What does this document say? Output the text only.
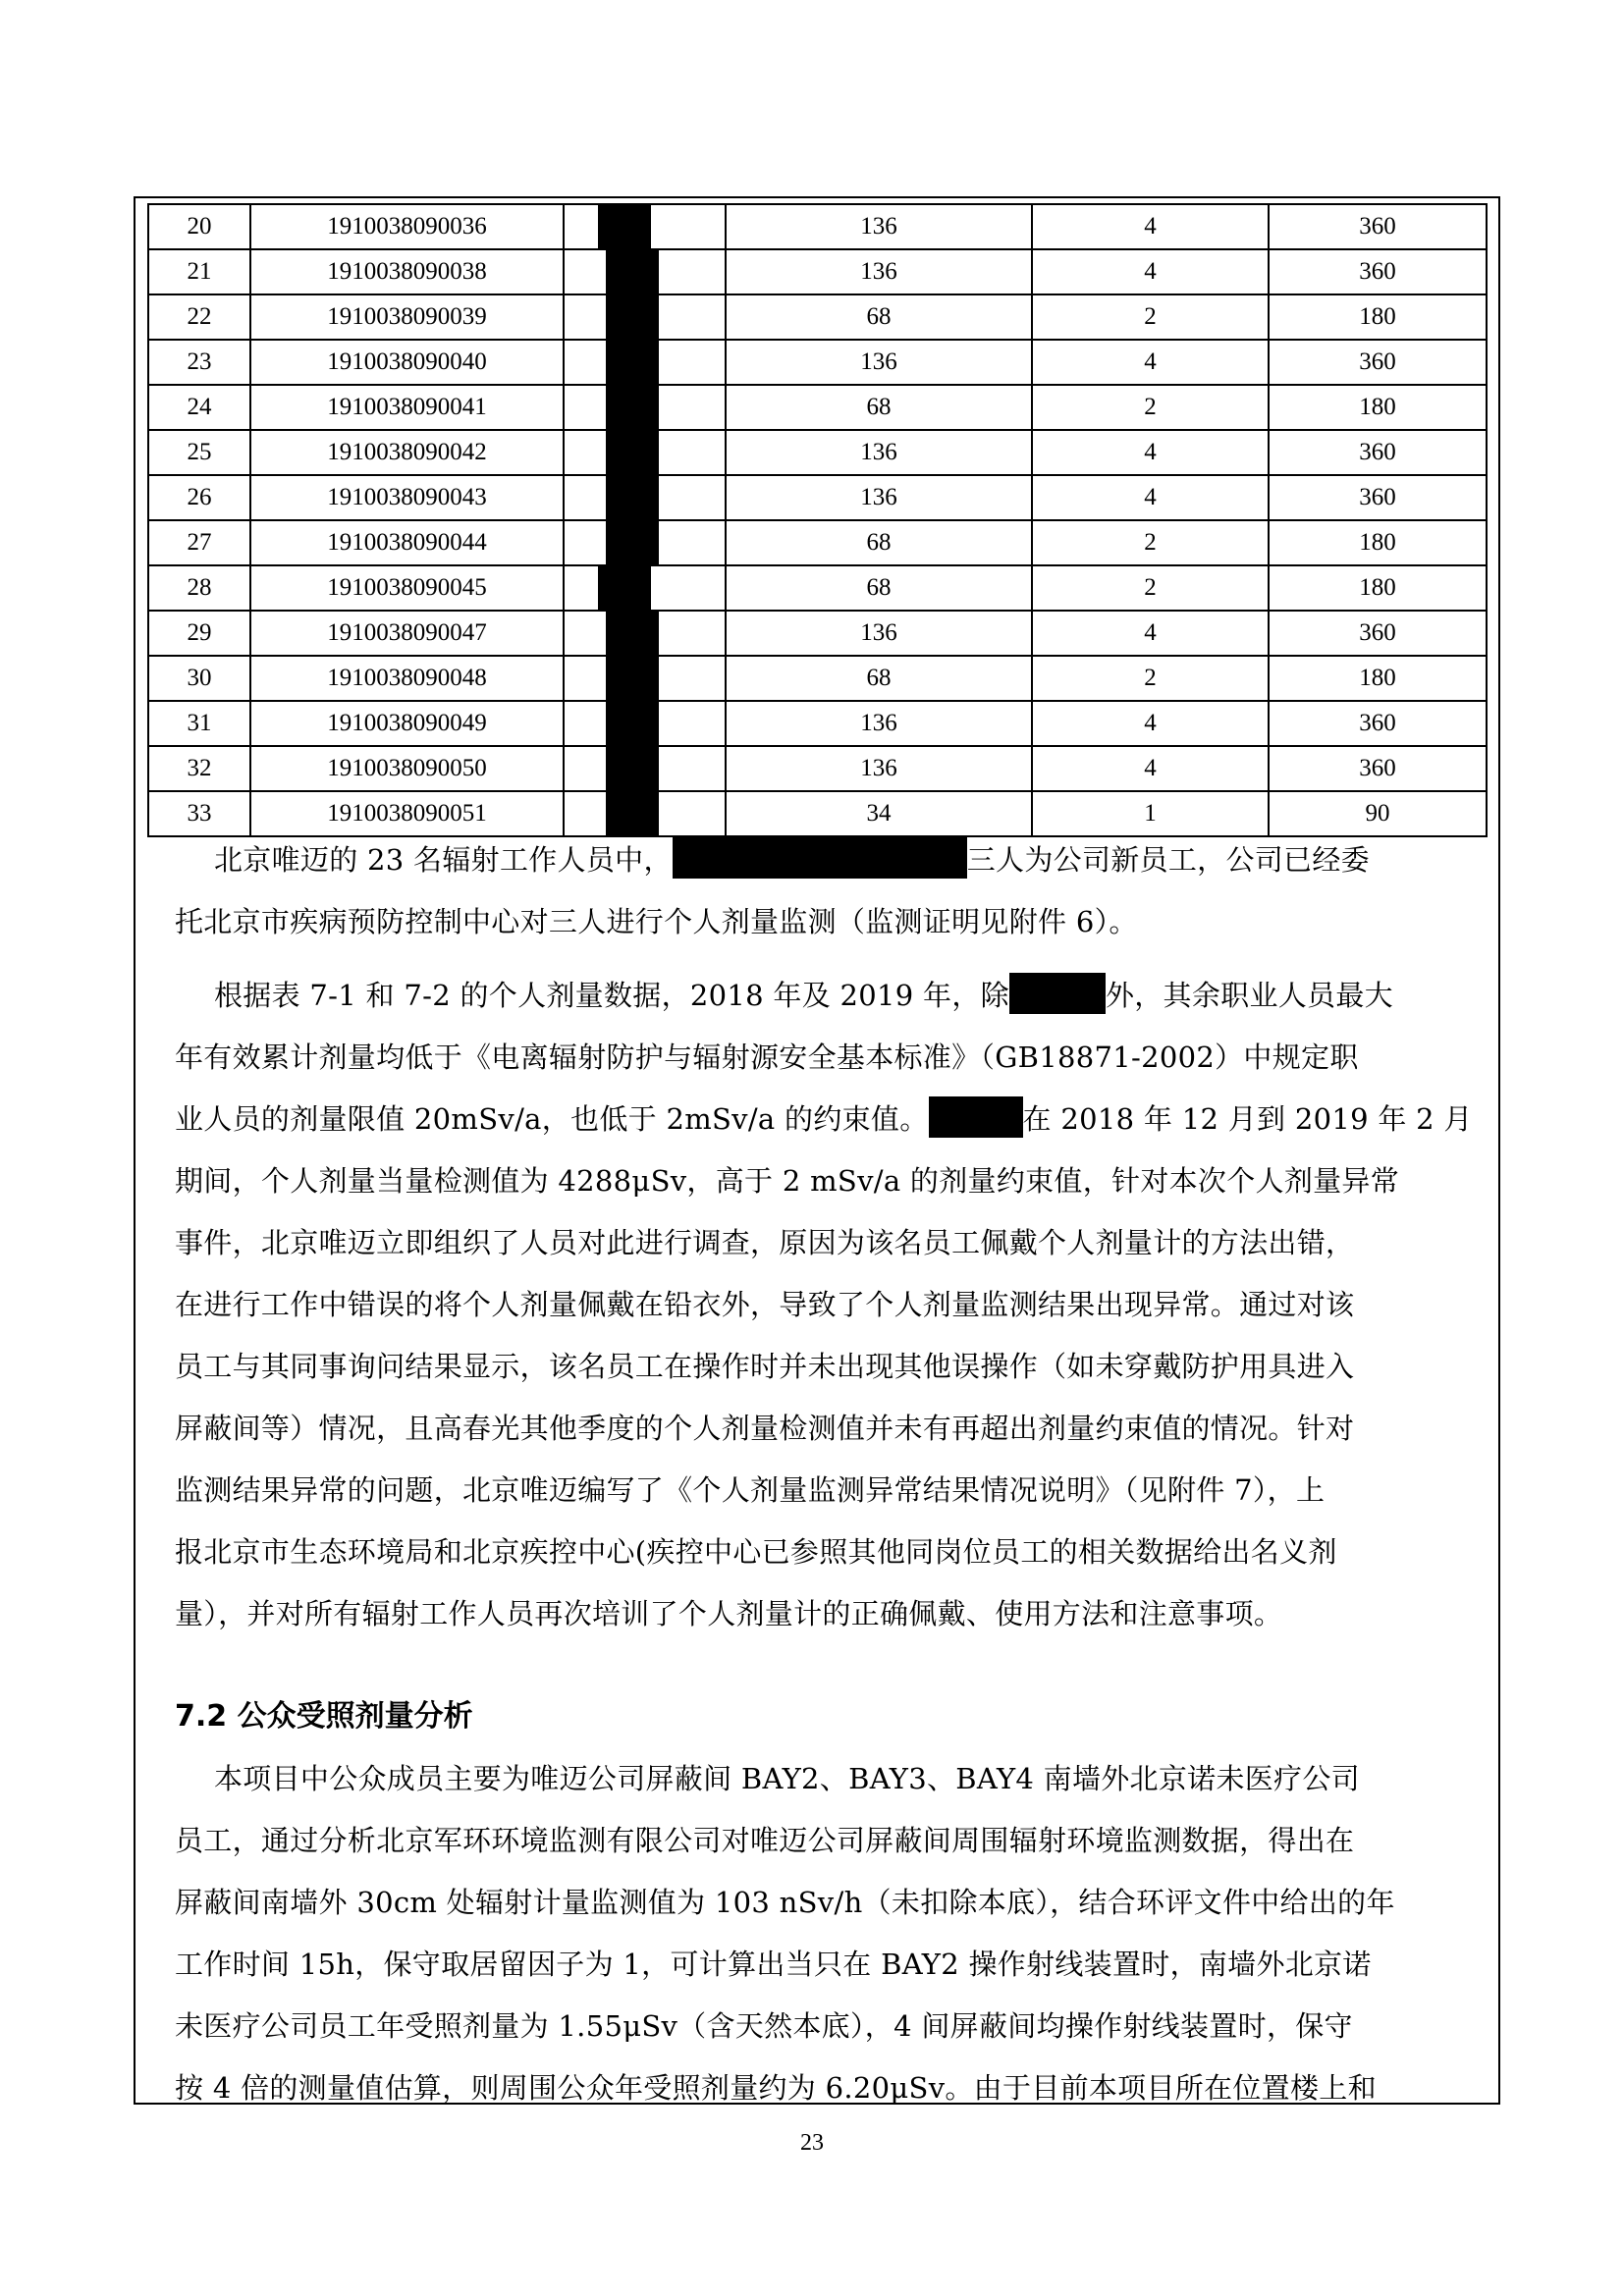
20	1910038090036		136	4	360
21	1910038090038		136	4	360
22	1910038090039		68	2	180
23	1910038090040		136	4	360
24	1910038090041		68	2	180
25	1910038090042		136	4	360
26	1910038090043		136	4	360
27	1910038090044		68	2	180
28	1910038090045		68	2	180
29	1910038090047		136	4	360
30	1910038090048		68	2	180
31	1910038090049		136	4	360
32	1910038090050		136	4	360
33	1910038090051		34	1	90
北京唯迈的 23 名辐射工作人员中，	三人为公司新员工，公司已经委
托北京市疾病预防控制中心对三人进行个人剂量监测（监测证明见附件 6）。
根据表 7-1 和 7-2 的个人剂量数据，2018 年及 2019 年，除	外，其余职业人员最大
年有效累计剂量均低于《电离辐射防护与辐射源安全基本标准》（GB18871-2002）中规定职
业人员的剂量限值 20mSv/a，也低于 2mSv/a 的约束值。	在 2018 年 12 月到 2019 年 2 月
期间，个人剂量当量检测值为 4288μSv，高于 2 mSv/a 的剂量约束值，针对本次个人剂量异常
事件，北京唯迈立即组织了人员对此进行调查，原因为该名员工佩戴个人剂量计的方法出错，
在进行工作中错误的将个人剂量佩戴在铅衣外，导致了个人剂量监测结果出现异常。通过对该
员工与其同事询问结果显示，该名员工在操作时并未出现其他误操作（如未穿戴防护用具进入
屏蔽间等）情况，且高春光其他季度的个人剂量检测值并未有再超出剂量约束值的情况。针对
监测结果异常的问题，北京唯迈编写了《个人剂量监测异常结果情况说明》（见附件 7），上
报北京市生态环境局和北京疾控中心(疾控中心已参照其他同岗位员工的相关数据给出名义剂
量），并对所有辐射工作人员再次培训了个人剂量计的正确佩戴、使用方法和注意事项。
7.2 公众受照剂量分析
本项目中公众成员主要为唯迈公司屏蔽间 BAY2、BAY3、BAY4 南墙外北京诺未医疗公司
员工，通过分析北京军环环境监测有限公司对唯迈公司屏蔽间周围辐射环境监测数据，得出在
屏蔽间南墙外 30cm 处辐射计量监测值为 103 nSv/h（未扣除本底），结合环评文件中给出的年
工作时间 15h，保守取居留因子为 1，可计算出当只在 BAY2 操作射线装置时，南墙外北京诺
未医疗公司员工年受照剂量为 1.55μSv（含天然本底），4 间屏蔽间均操作射线装置时，保守
按 4 倍的测量值估算，则周围公众年受照剂量约为 6.20μSv。由于目前本项目所在位置楼上和
23
